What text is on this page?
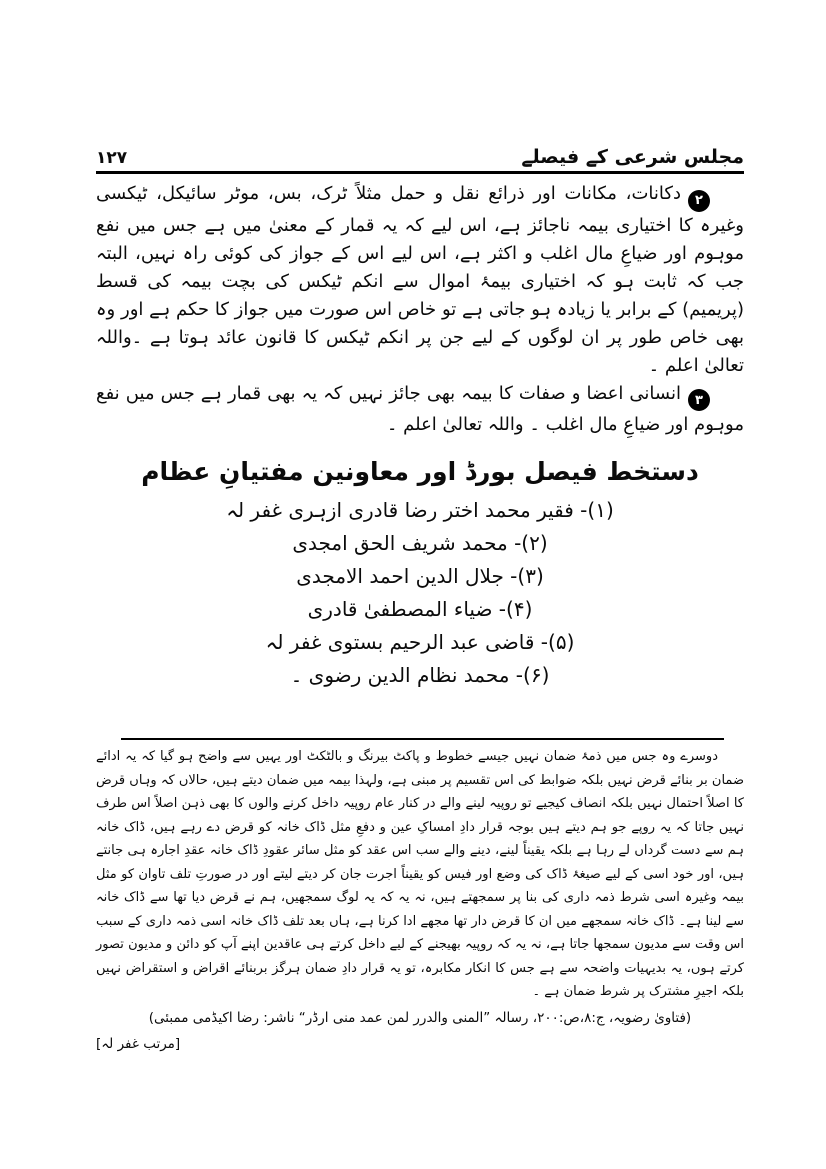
مجلس شرعی کے فیصلے
۱۲۷

۲دکانات، مکانات اور ذرائع نقل و حمل مثلاً ٹرک، بس، موٹر سائیکل، ٹیکسی وغیرہ کا اختیاری بیمہ ناجائز ہے، اس لیے کہ یہ قمار کے معنیٰ میں ہے جس میں نفع موہوم اور ضیاعِ مال اغلب و اکثر ہے، اس لیے اس کے جواز کی کوئی راہ نہیں، البتہ جب کہ ثابت ہو کہ اختیاری بیمۂ اموال سے انکم ٹیکس کی بچت بیمہ کی قسط (پریمیم) کے برابر یا زیادہ ہو جاتی ہے تو خاص اس صورت میں جواز کا حکم ہے اور وہ بھی خاص طور پر ان لوگوں کے لیے جن پر انکم ٹیکس کا قانون عائد ہوتا ہے ۔واللہ تعالیٰ اعلم ۔

۳انسانی اعضا و صفات کا بیمہ بھی جائز نہیں کہ یہ بھی قمار ہے جس میں نفع موہوم اور ضیاعِ مال اغلب ۔ واللہ تعالیٰ اعلم ۔

دستخط فیصل بورڈ اور معاونین مفتیانِ عظام
(۱)- فقیر محمد اختر رضا قادری ازہری غفر لہ
(۲)- محمد شریف الحق امجدی
(۳)- جلال الدین احمد الامجدی
(۴)- ضیاء المصطفیٰ قادری
(۵)- قاضی عبد الرحیم بستوی غفر لہ
(۶)- محمد نظام الدین رضوی ۔
دوسرے وہ جس میں ذمۂ ضمان نہیں جیسے خطوط و پاکٹ بیرنگ و بالٹکٹ اور یہیں سے واضح ہو گیا کہ یہ ادائے ضمان بر بنائے قرض نہیں بلکہ ضوابط کی اس تقسیم پر مبنی ہے، ولہذا بیمہ میں ضمان دیتے ہیں، حالاں کہ وہاں قرض کا اصلاً احتمال نہیں بلکہ انصاف کیجیے تو روپیہ لینے والے در کنار عام روپیہ داخل کرنے والوں کا بھی ذہن اصلاً اس طرف نہیں جاتا کہ یہ روپے جو ہم دیتے ہیں بوجہ قرار دادِ امساکِ عین و دفعِ مثل ڈاک خانہ کو قرض دے رہے ہیں، ڈاک خانہ ہم سے دست گرداں لے رہا ہے بلکہ یقیناً لینے، دینے والے سب اس عقد کو مثل سائر عقودِ ڈاک خانہ عقدِ اجارہ ہی جانتے ہیں، اور خود اسی کے لیے صیغۂ ڈاک کی وضع اور فیس کو یقیناً اجرت جان کر دیتے لیتے اور در صورتِ تلف تاوان کو مثل بیمہ وغیرہ اسی شرط ذمہ داری کی بنا پر سمجھتے ہیں، نہ یہ کہ یہ لوگ سمجھیں، ہم نے قرض دیا تھا سے ڈاک خانہ سے لینا ہے۔ ڈاک خانہ سمجھے میں ان کا قرض دار تھا مجھے ادا کرنا ہے، ہاں بعد تلف ڈاک خانہ اسی ذمہ داری کے سبب اس وقت سے مدیون سمجھا جاتا ہے، نہ یہ کہ روپیہ بھیجنے کے لیے داخل کرتے ہی عاقدین اپنے آپ کو دائن و مدیون تصور کرتے ہوں، یہ بدیہیات واضحہ سے ہے جس کا انکار مکابرہ، تو یہ قرار دادِ ضمان ہرگز بربنائے اقراض و استقراض نہیں بلکہ اجیرِ مشترک پر شرط ضمان ہے ۔
(فتاویٰ رضویہ، ج:۸،ص:۲۰۰، رسالہ ”المنی والدرر لمن عمد منی ارڈر“ ناشر: رضا اکیڈمی ممبئی)
[مرتب غفر لہ]
